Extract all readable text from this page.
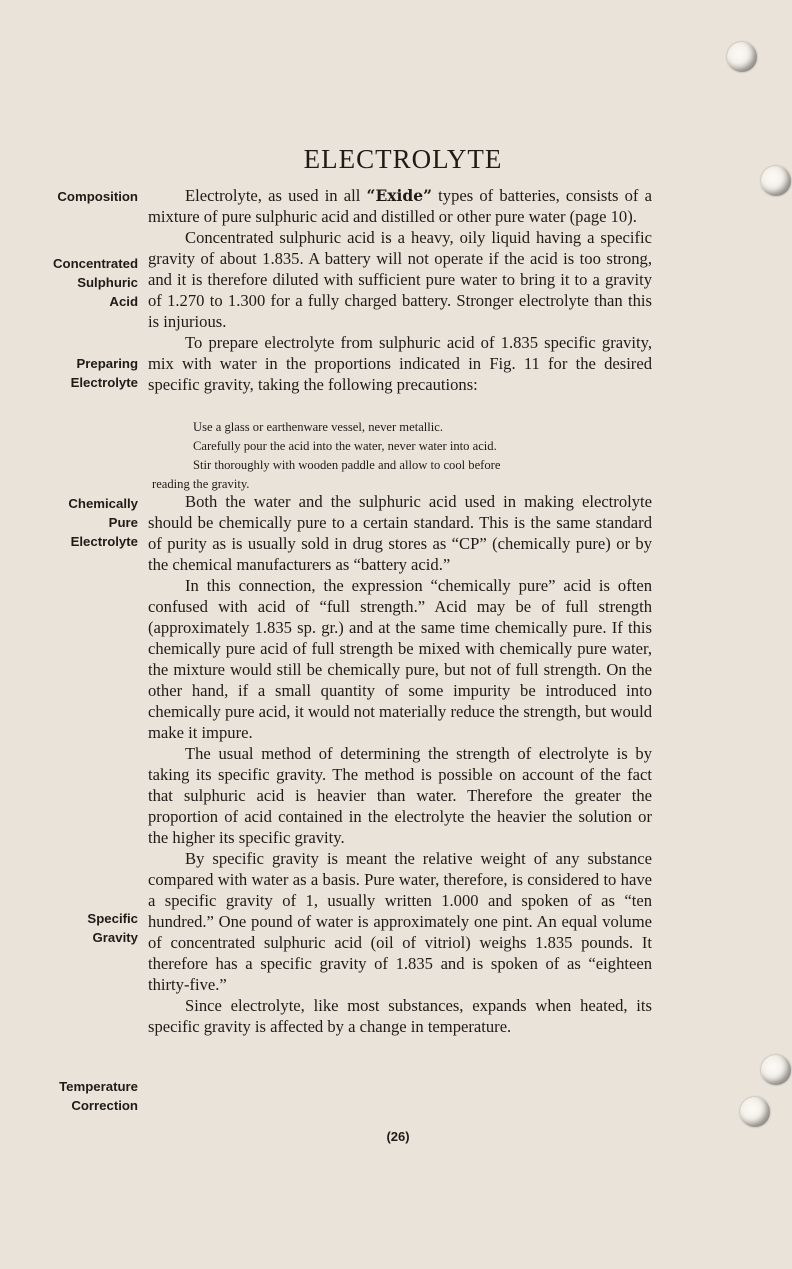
ELECTROLYTE
Composition
Concentrated
Sulphuric
Acid
Preparing
Electrolyte
Chemically
Pure
Electrolyte
Specific
Gravity
Temperature
Correction

Electrolyte, as used in all “Exide” types of batteries, consists of a mixture of pure sulphuric acid and distilled or other pure water (page 10).

Concentrated sulphuric acid is a heavy, oily liquid having a specific gravity of about 1.835. A battery will not operate if the acid is too strong, and it is therefore diluted with sufficient pure water to bring it to a gravity of 1.270 to 1.300 for a fully charged battery. Stronger electrolyte than this is injurious.

To prepare electrolyte from sulphuric acid of 1.835 specific gravity, mix with water in the proportions indicated in Fig. 11 for the desired specific gravity, taking the following precautions:

Use a glass or earthenware vessel, never metallic.
Carefully pour the acid into the water, never water into acid.
Stir thoroughly with wooden paddle and allow to cool before
reading the gravity.

Both the water and the sulphuric acid used in making electrolyte should be chemically pure to a certain standard. This is the same standard of purity as is usually sold in drug stores as “CP” (chemically pure) or by the chemical manufacturers as “battery acid.”

In this connection, the expression “chemically pure” acid is often confused with acid of “full strength.” Acid may be of full strength (approximately 1.835 sp. gr.) and at the same time chemically pure. If this chemically pure acid of full strength be mixed with chemically pure water, the mixture would still be chemically pure, but not of full strength. On the other hand, if a small quantity of some impurity be introduced into chemically pure acid, it would not materially reduce the strength, but would make it impure.

The usual method of determining the strength of electrolyte is by taking its specific gravity. The method is possible on account of the fact that sulphuric acid is heavier than water. Therefore the greater the proportion of acid contained in the electrolyte the heavier the solution or the higher its specific gravity.

By specific gravity is meant the relative weight of any substance compared with water as a basis. Pure water, therefore, is considered to have a specific gravity of 1, usually written 1.000 and spoken of as “ten hundred.” One pound of water is approximately one pint. An equal volume of concentrated sulphuric acid (oil of vitriol) weighs 1.835 pounds. It therefore has a specific gravity of 1.835 and is spoken of as “eighteen thirty-five.”

Since electrolyte, like most substances, expands when heated, its specific gravity is affected by a change in temperature.

(26)
